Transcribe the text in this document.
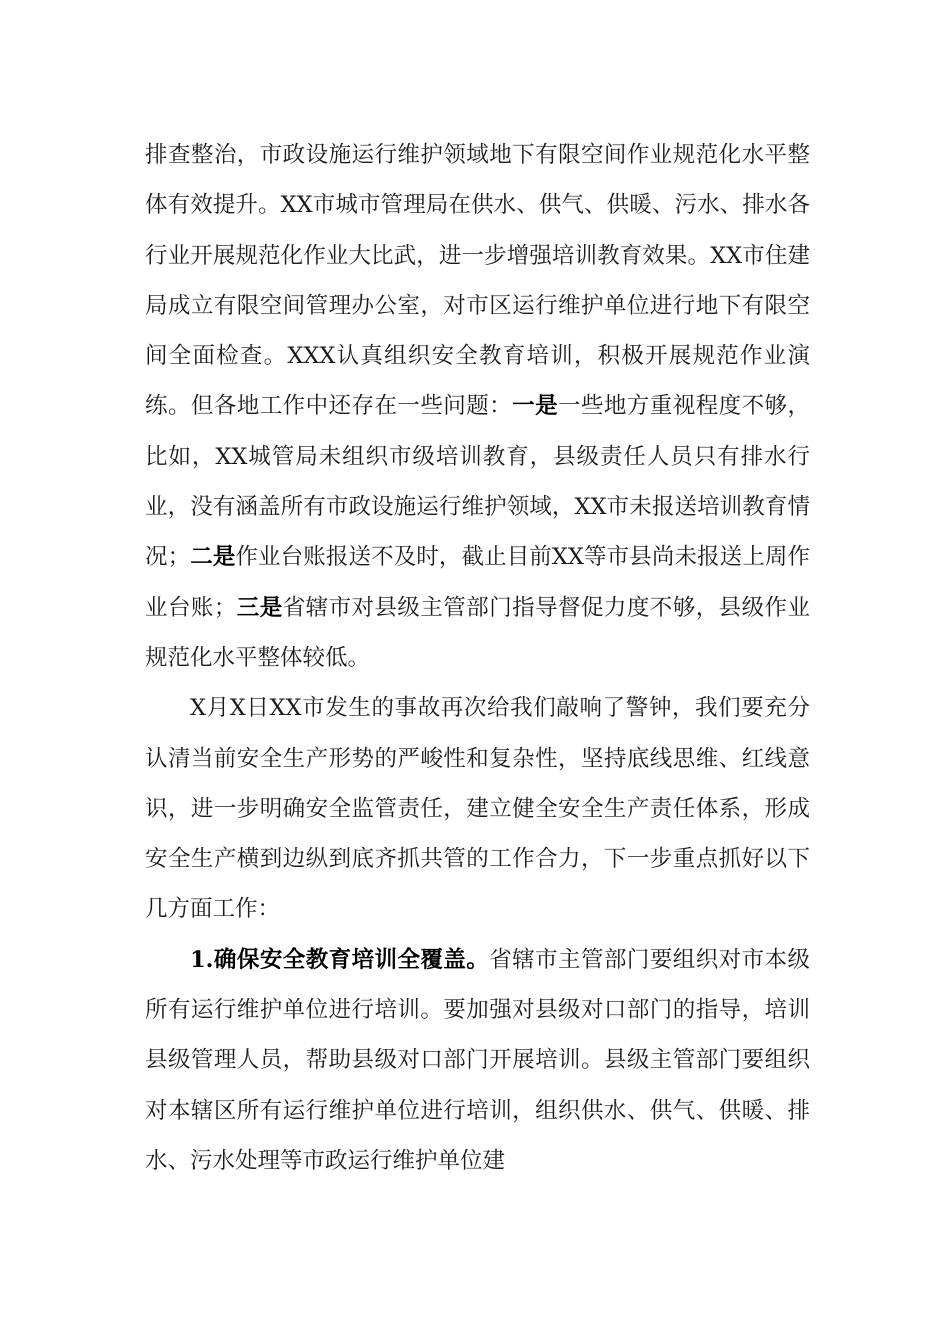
排查整治，市政设施运行维护领域地下有限空间作业规范化水平整体有效提升。XX市城市管理局在供水、供气、供暖、污水、排水各行业开展规范化作业大比武，进一步增强培训教育效果。XX市住建局成立有限空间管理办公室，对市区运行维护单位进行地下有限空间全面检查。XXX认真组织安全教育培训，积极开展规范作业演练。但各地工作中还存在一些问题：一是一些地方重视程度不够，比如，XX城管局未组织市级培训教育，县级责任人员只有排水行业，没有涵盖所有市政设施运行维护领域，XX市未报送培训教育情况；二是作业台账报送不及时，截止目前XX等市县尚未报送上周作业台账；三是省辖市对县级主管部门指导督促力度不够，县级作业规范化水平整体较低。

X月X日XX市发生的事故再次给我们敲响了警钟，我们要充分认清当前安全生产形势的严峻性和复杂性，坚持底线思维、红线意识，进一步明确安全监管责任，建立健全安全生产责任体系，形成安全生产横到边纵到底齐抓共管的工作合力，下一步重点抓好以下几方面工作：

1.确保安全教育培训全覆盖。省辖市主管部门要组织对市本级所有运行维护单位进行培训。要加强对县级对口部门的指导，培训县级管理人员，帮助县级对口部门开展培训。县级主管部门要组织对本辖区所有运行维护单位进行培训，组织供水、供气、供暖、排水、污水处理等市政运行维护单位建
